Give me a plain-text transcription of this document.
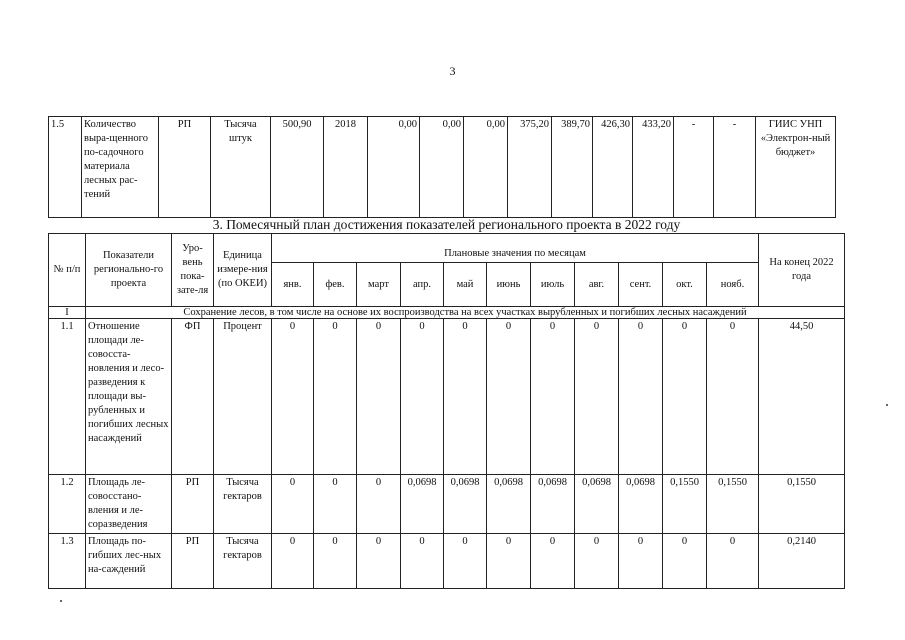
3
1.5	Количество выра-щенного по-садочного материала лесных рас-тений	РП	Тысяча штук	500,90	2018	0,00	0,00	0,00	375,20	389,70	426,30	433,20	-	-	ГИИС УНП «Электрон-ный бюджет»
3. Помесячный план достижения показателей регионального проекта в 2022 году
№ п/п	Показатели регионально-го проекта	Уро-вень пока-зате-ля	Единица измере-ния (по ОКЕИ)	Плановые значения по месяцам											На конец 2022 года
				янв.	фев.	март	апр.	май	июнь	июль	авг.	сент.	окт.	нояб.	
I	Сохранение лесов, в том числе на основе их воспроизводства на всех участках вырубленных и погибших лесных насаждений														
1.1	Отношение площади ле-совосста-новления и лесо-разведения к площади вы-рубленных и погибших лесных насаждений	ФП	Процент	0	0	0	0	0	0	0	0	0	0	0	44,50
1.2	Площадь ле-совосстано-вления и ле-соразведения	РП	Тысяча гектаров	0	0	0	0,0698	0,0698	0,0698	0,0698	0,0698	0,0698	0,1550	0,1550	0,1550
1.3	Площадь по-гибших лес-ных на-саждений	РП	Тысяча гектаров	0	0	0	0	0	0	0	0	0	0	0	0,2140
